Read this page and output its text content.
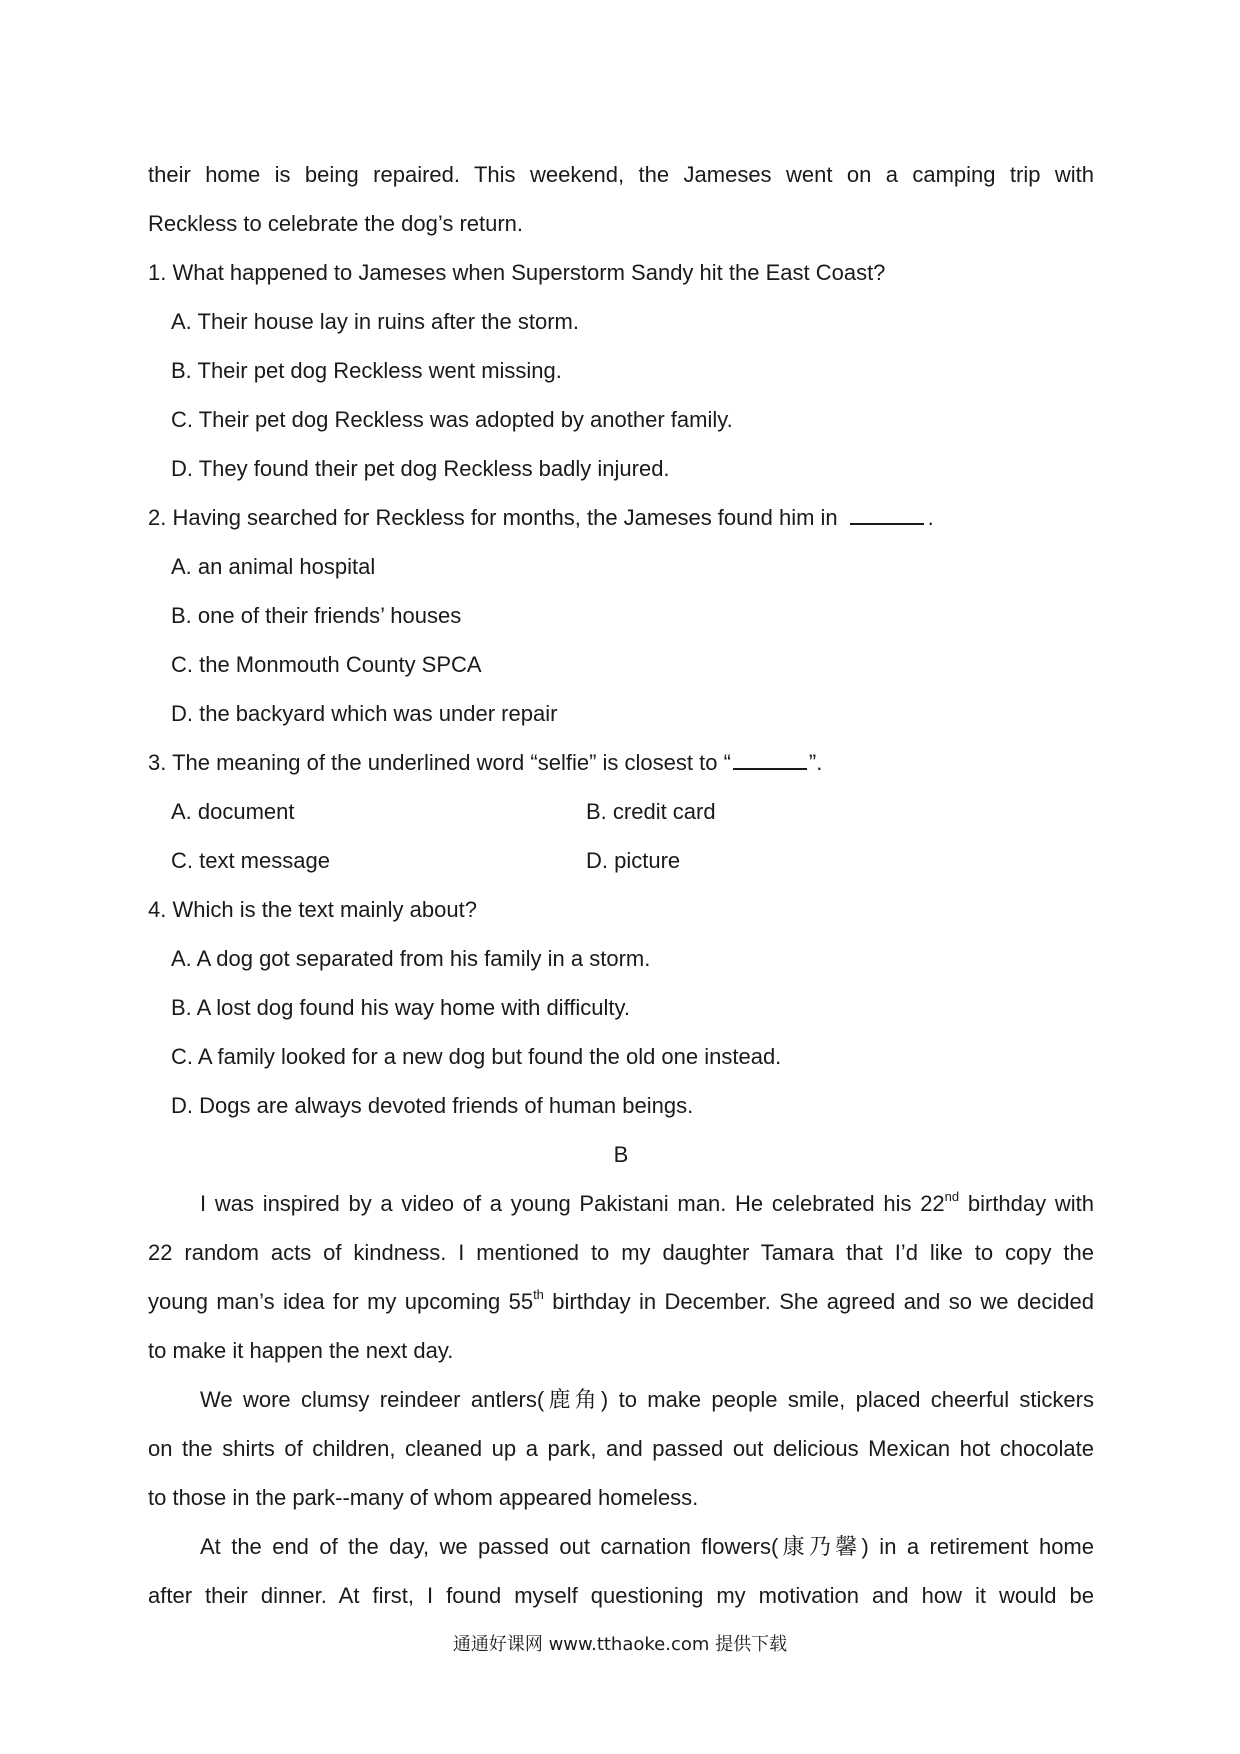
their home is being repaired. This weekend, the Jameses went on a camping trip with
Reckless to celebrate the dog’s return.
1. What happened to Jameses when Superstorm Sandy hit the East Coast?
A. Their house lay in ruins after the storm.
B. Their pet dog Reckless went missing.
C. Their pet dog Reckless was adopted by another family.
D. They found their pet dog Reckless badly injured.
2. Having searched for Reckless for months, the Jameses found him in	.
A. an animal hospital
B. one of their friends’ houses
C. the Monmouth County SPCA
D. the backyard which was under repair
3. The meaning of the underlined word “selfie” is closest to “	”.
A. document	B. credit card
C. text message	D. picture
4. Which is the text mainly about?
A. A dog got separated from his family in a storm.
B. A lost dog found his way home with difficulty.
C. A family looked for a new dog but found the old one instead.
D. Dogs are always devoted friends of human beings.
B
I was inspired by a video of a young Pakistani man. He celebrated his 22nd birthday with
22 random acts of kindness. I mentioned to my daughter Tamara that I’d like to copy the
young man’s idea for my upcoming 55th birthday in December. She agreed and so we decided
to make it happen the next day.
We wore clumsy reindeer antlers(鹿角) to make people smile, placed cheerful stickers
on the shirts of children, cleaned up a park, and passed out delicious Mexican hot chocolate
to those in the park--many of whom appeared homeless.
At the end of the day, we passed out carnation flowers(康乃馨) in a retirement home
after their dinner. At first, I found myself questioning my motivation and how it would be
通通好课网 www.tthaoke.com 提供下载
